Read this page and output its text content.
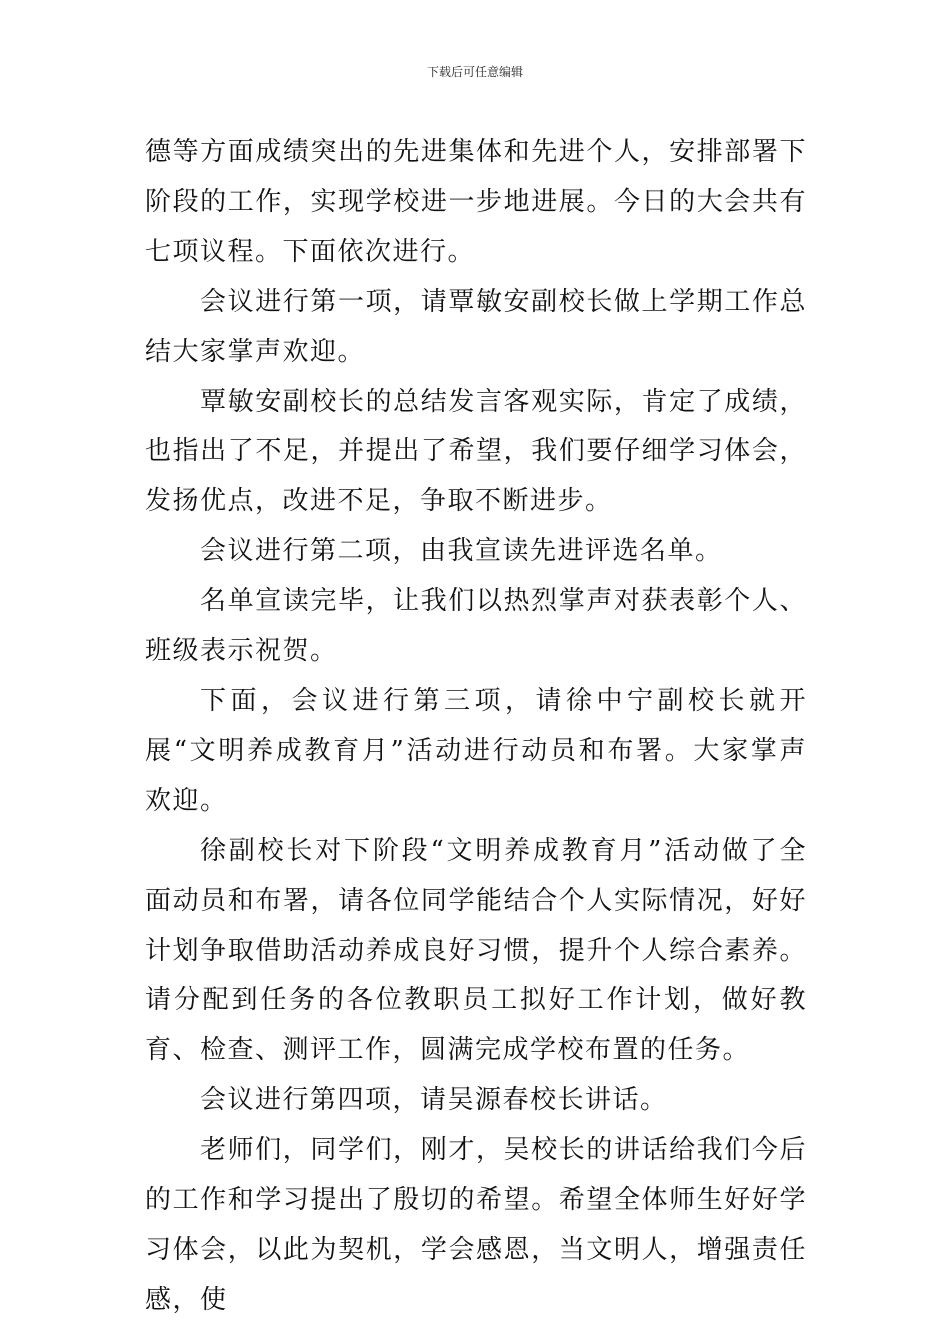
下载后可任意编辑

德等方面成绩突出的先进集体和先进个人，安排部署下阶段的工作，实现学校进一步地进展。今日的大会共有七项议程。下面依次进行。

会议进行第一项，请覃敏安副校长做上学期工作总结大家掌声欢迎。

覃敏安副校长的总结发言客观实际，肯定了成绩，也指出了不足，并提出了希望，我们要仔细学习体会，发扬优点，改进不足，争取不断进步。

会议进行第二项，由我宣读先进评选名单。

名单宣读完毕，让我们以热烈掌声对获表彰个人、班级表示祝贺。

下面，会议进行第三项，请徐中宁副校长就开展“文明养成教育月”活动进行动员和布署。大家掌声欢迎。

徐副校长对下阶段“文明养成教育月”活动做了全面动员和布署，请各位同学能结合个人实际情况，好好计划争取借助活动养成良好习惯，提升个人综合素养。请分配到任务的各位教职员工拟好工作计划，做好教育、检查、测评工作，圆满完成学校布置的任务。

会议进行第四项，请吴源春校长讲话。

老师们，同学们，刚才，吴校长的讲话给我们今后的工作和学习提出了殷切的希望。希望全体师生好好学习体会，以此为契机，学会感恩，当文明人，增强责任感，使
